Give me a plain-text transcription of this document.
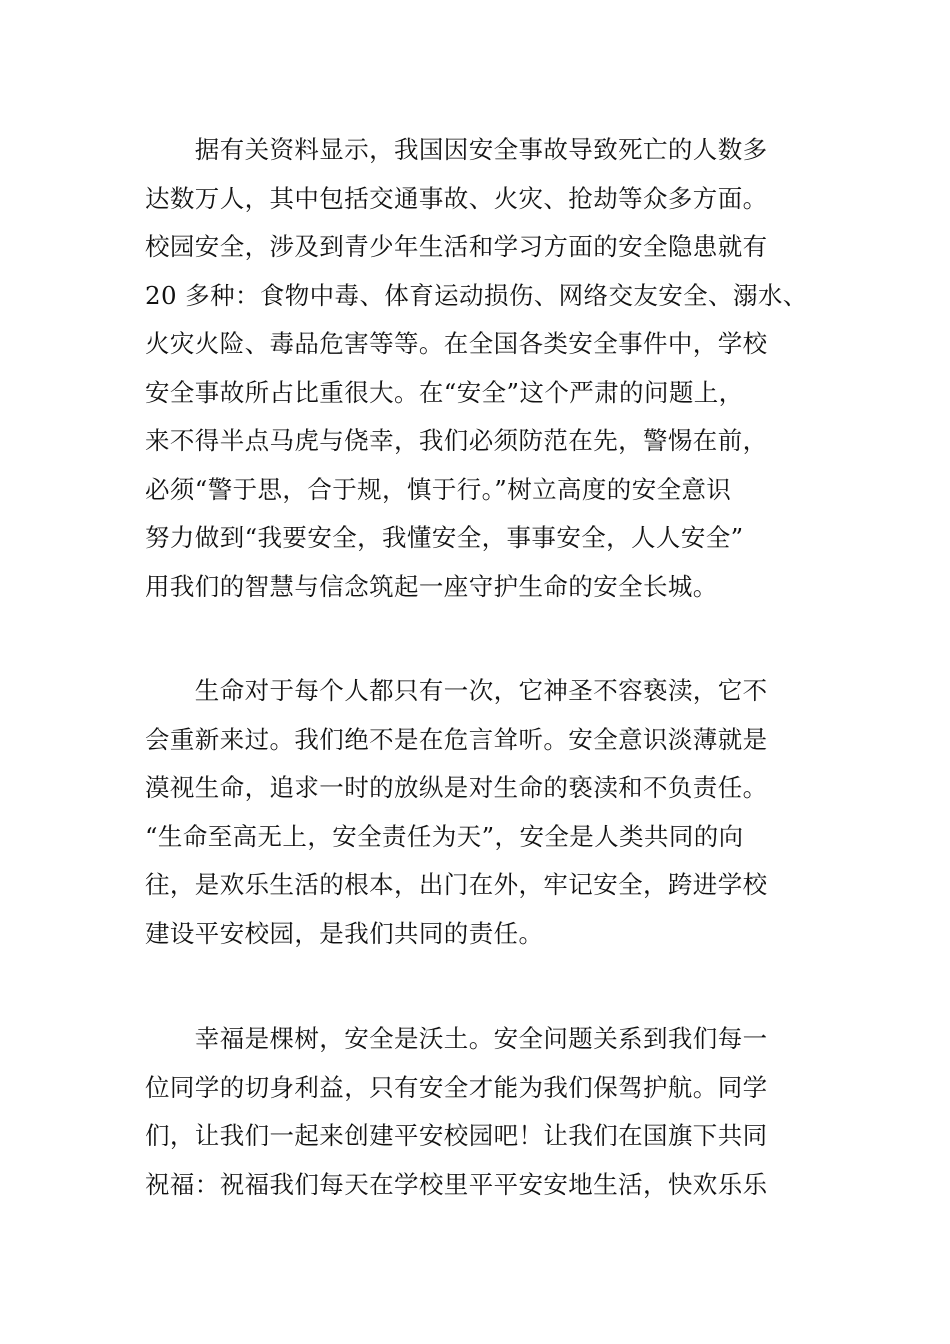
　　据有关资料显示，我国因安全事故导致死亡的人数多
达数万人，其中包括交通事故、火灾、抢劫等众多方面。
校园安全，涉及到青少年生活和学习方面的安全隐患就有
20 多种：食物中毒、体育运动损伤、网络交友安全、溺水、
火灾火险、毒品危害等等。在全国各类安全事件中，学校
安全事故所占比重很大。在“安全”这个严肃的问题上，
来不得半点马虎与侥幸，我们必须防范在先，警惕在前，
必须“警于思，合于规，慎于行。”树立高度的安全意识
努力做到“我要安全，我懂安全，事事安全，人人安全”
用我们的智慧与信念筑起一座守护生命的安全长城。
　　生命对于每个人都只有一次，它神圣不容亵渎，它不
会重新来过。我们绝不是在危言耸听。安全意识淡薄就是
漠视生命，追求一时的放纵是对生命的亵渎和不负责任。
“生命至高无上，安全责任为天”，安全是人类共同的向
往，是欢乐生活的根本，出门在外，牢记安全，跨进学校
建设平安校园，是我们共同的责任。
　　幸福是棵树，安全是沃土。安全问题关系到我们每一
位同学的切身利益，只有安全才能为我们保驾护航。同学
们，让我们一起来创建平安校园吧！让我们在国旗下共同
祝福：祝福我们每天在学校里平平安安地生活，快欢乐乐
